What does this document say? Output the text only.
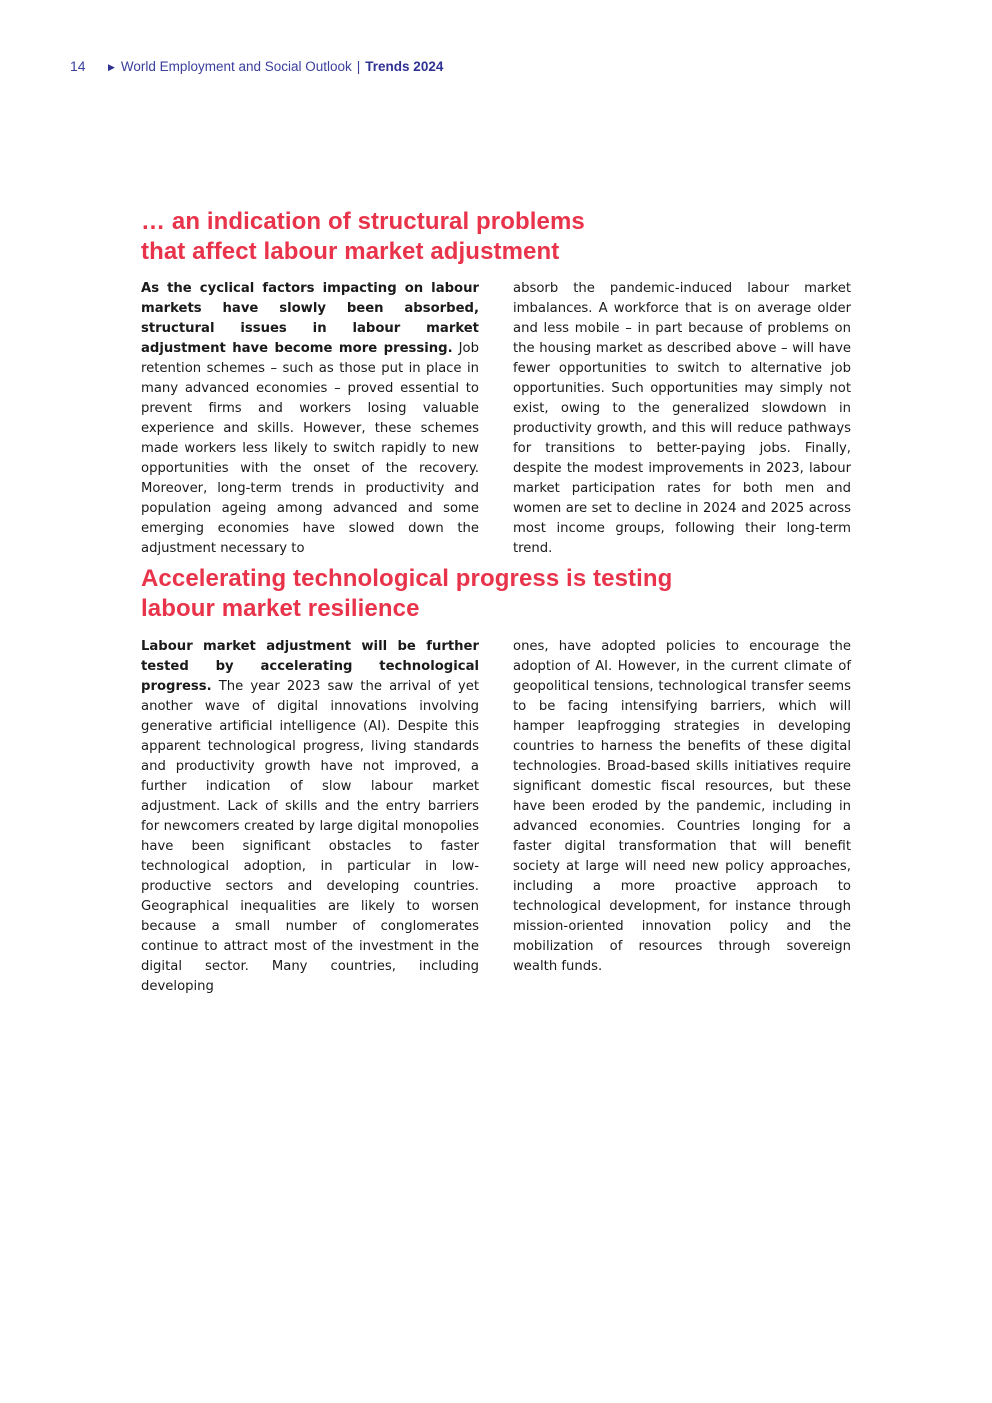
14	▶ World Employment and Social Outlook | Trends 2024
… an indication of structural problems
that affect labour market adjustment

As the cyclical factors impacting on labour markets have slowly been absorbed, structural issues in labour market adjustment have become more pressing. Job retention schemes – such as those put in place in many advanced economies – proved essential to prevent firms and workers losing valuable experience and skills. However, these schemes made workers less likely to switch rapidly to new opportunities with the onset of the recovery. Moreover, long-term trends in productivity and population ageing among advanced and some emerging economies have slowed down the adjustment necessary to

absorb the pandemic-induced labour market imbalances. A workforce that is on average older and less mobile – in part because of problems on the housing market as described above – will have fewer opportunities to switch to alternative job opportunities. Such opportunities may simply not exist, owing to the generalized slowdown in productivity growth, and this will reduce pathways for transitions to better-paying jobs. Finally, despite the modest improvements in 2023, labour market participation rates for both men and women are set to decline in 2024 and 2025 across most income groups, following their long-term trend.

Accelerating technological progress is testing
labour market resilience

Labour market adjustment will be further tested by accelerating technological progress. The year 2023 saw the arrival of yet another wave of digital innovations involving generative artificial intelligence (AI). Despite this apparent technological progress, living standards and productivity growth have not improved, a further indication of slow labour market adjustment. Lack of skills and the entry barriers for newcomers created by large digital monopolies have been significant obstacles to faster technological adoption, in particular in low-productive sectors and developing countries. Geographical inequalities are likely to worsen because a small number of conglomerates continue to attract most of the investment in the digital sector. Many countries, including developing

ones, have adopted policies to encourage the adoption of AI. However, in the current climate of geopolitical tensions, technological transfer seems to be facing intensifying barriers, which will hamper leapfrogging strategies in developing countries to harness the benefits of these digital technologies. Broad-based skills initiatives require significant domestic fiscal resources, but these have been eroded by the pandemic, including in advanced economies. Countries longing for a faster digital transformation that will benefit society at large will need new policy approaches, including a more proactive approach to technological development, for instance through mission-oriented innovation policy and the mobilization of resources through sovereign wealth funds.
